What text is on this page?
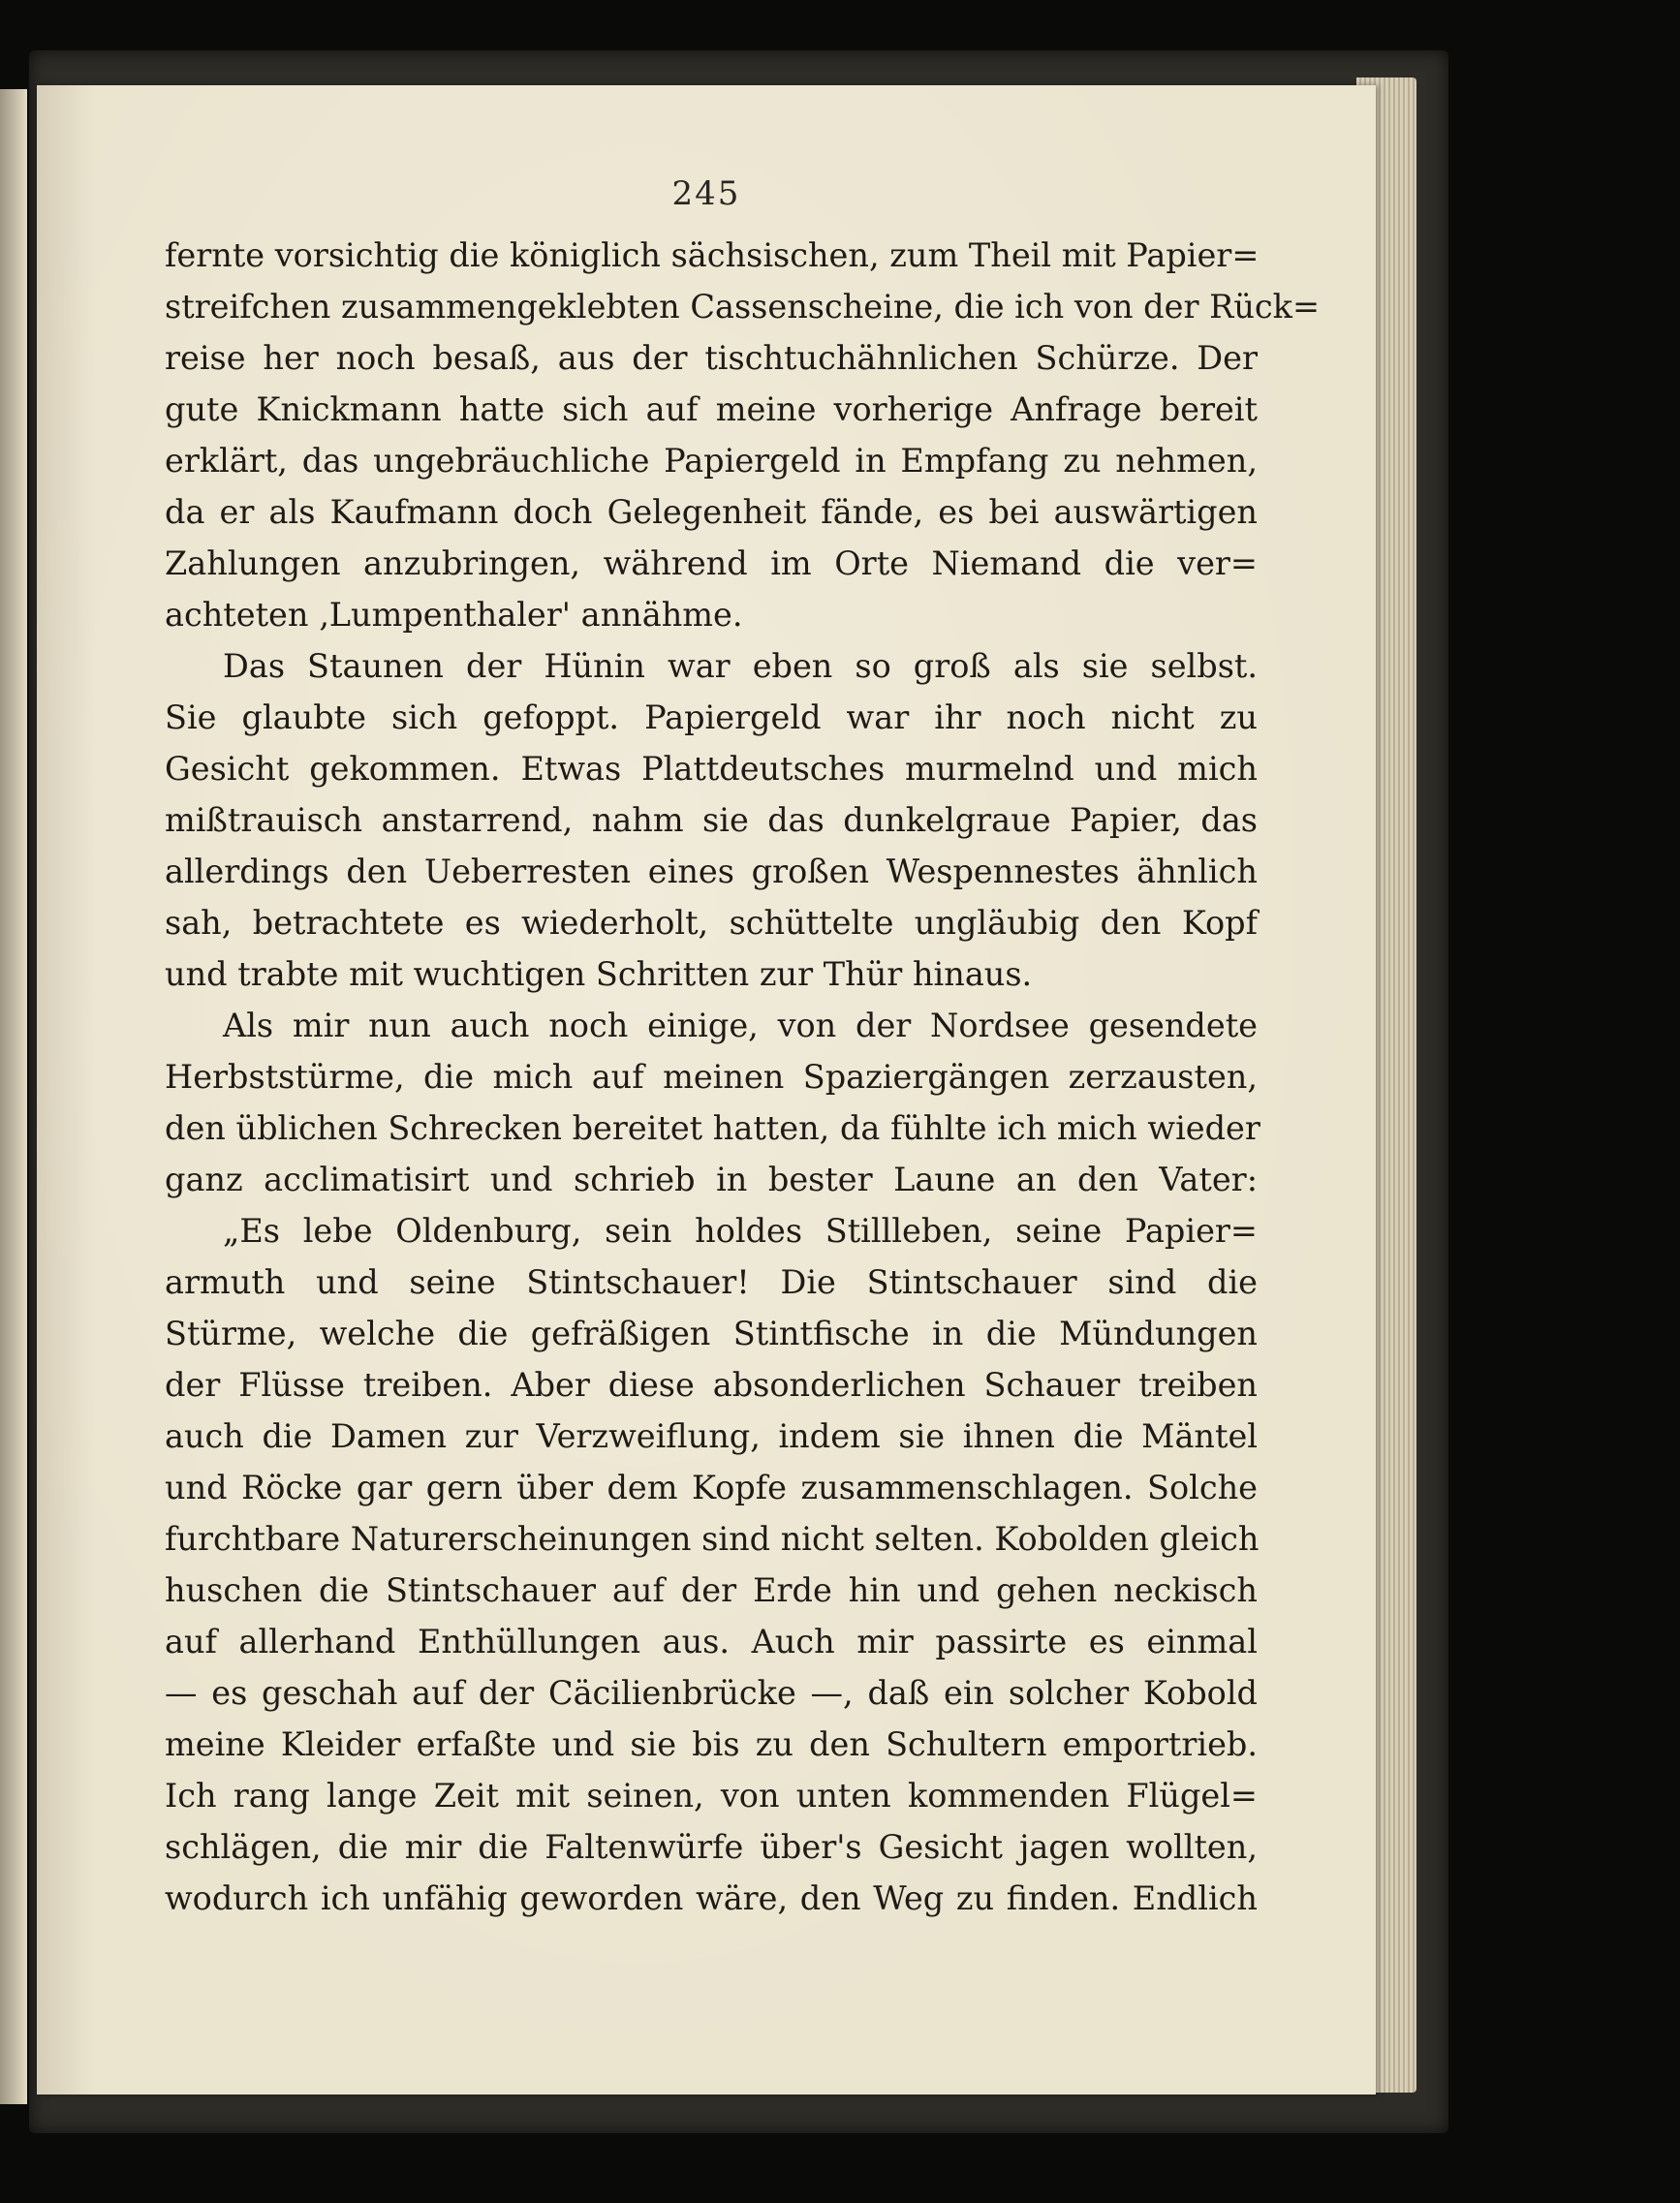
245
fernte vorsichtig die königlich sächsischen, zum Theil mit Papier=
streifchen zusammengeklebten Cassenscheine, die ich von der Rück=
reise her noch besaß, aus der tischtuchähnlichen Schürze. Der
gute Knickmann hatte sich auf meine vorherige Anfrage bereit
erklärt, das ungebräuchliche Papiergeld in Empfang zu nehmen,
da er als Kaufmann doch Gelegenheit fände, es bei auswärtigen
Zahlungen anzubringen, während im Orte Niemand die ver=
achteten ‚Lumpenthaler' annähme.
Das Staunen der Hünin war eben so groß als sie selbst.
Sie glaubte sich gefoppt. Papiergeld war ihr noch nicht zu
Gesicht gekommen. Etwas Plattdeutsches murmelnd und mich
mißtrauisch anstarrend, nahm sie das dunkelgraue Papier, das
allerdings den Ueberresten eines großen Wespennestes ähnlich
sah, betrachtete es wiederholt, schüttelte ungläubig den Kopf
und trabte mit wuchtigen Schritten zur Thür hinaus.
Als mir nun auch noch einige, von der Nordsee gesendete
Herbststürme, die mich auf meinen Spaziergängen zerzausten,
den üblichen Schrecken bereitet hatten, da fühlte ich mich wieder
ganz acclimatisirt und schrieb in bester Laune an den Vater:
„Es lebe Oldenburg, sein holdes Stillleben, seine Papier=
armuth und seine Stintschauer! Die Stintschauer sind die
Stürme, welche die gefräßigen Stintfische in die Mündungen
der Flüsse treiben. Aber diese absonderlichen Schauer treiben
auch die Damen zur Verzweiflung, indem sie ihnen die Mäntel
und Röcke gar gern über dem Kopfe zusammenschlagen. Solche
furchtbare Naturerscheinungen sind nicht selten. Kobolden gleich
huschen die Stintschauer auf der Erde hin und gehen neckisch
auf allerhand Enthüllungen aus. Auch mir passirte es einmal
— es geschah auf der Cäcilienbrücke —, daß ein solcher Kobold
meine Kleider erfaßte und sie bis zu den Schultern emportrieb.
Ich rang lange Zeit mit seinen, von unten kommenden Flügel=
schlägen, die mir die Faltenwürfe über's Gesicht jagen wollten,
wodurch ich unfähig geworden wäre, den Weg zu finden. Endlich
